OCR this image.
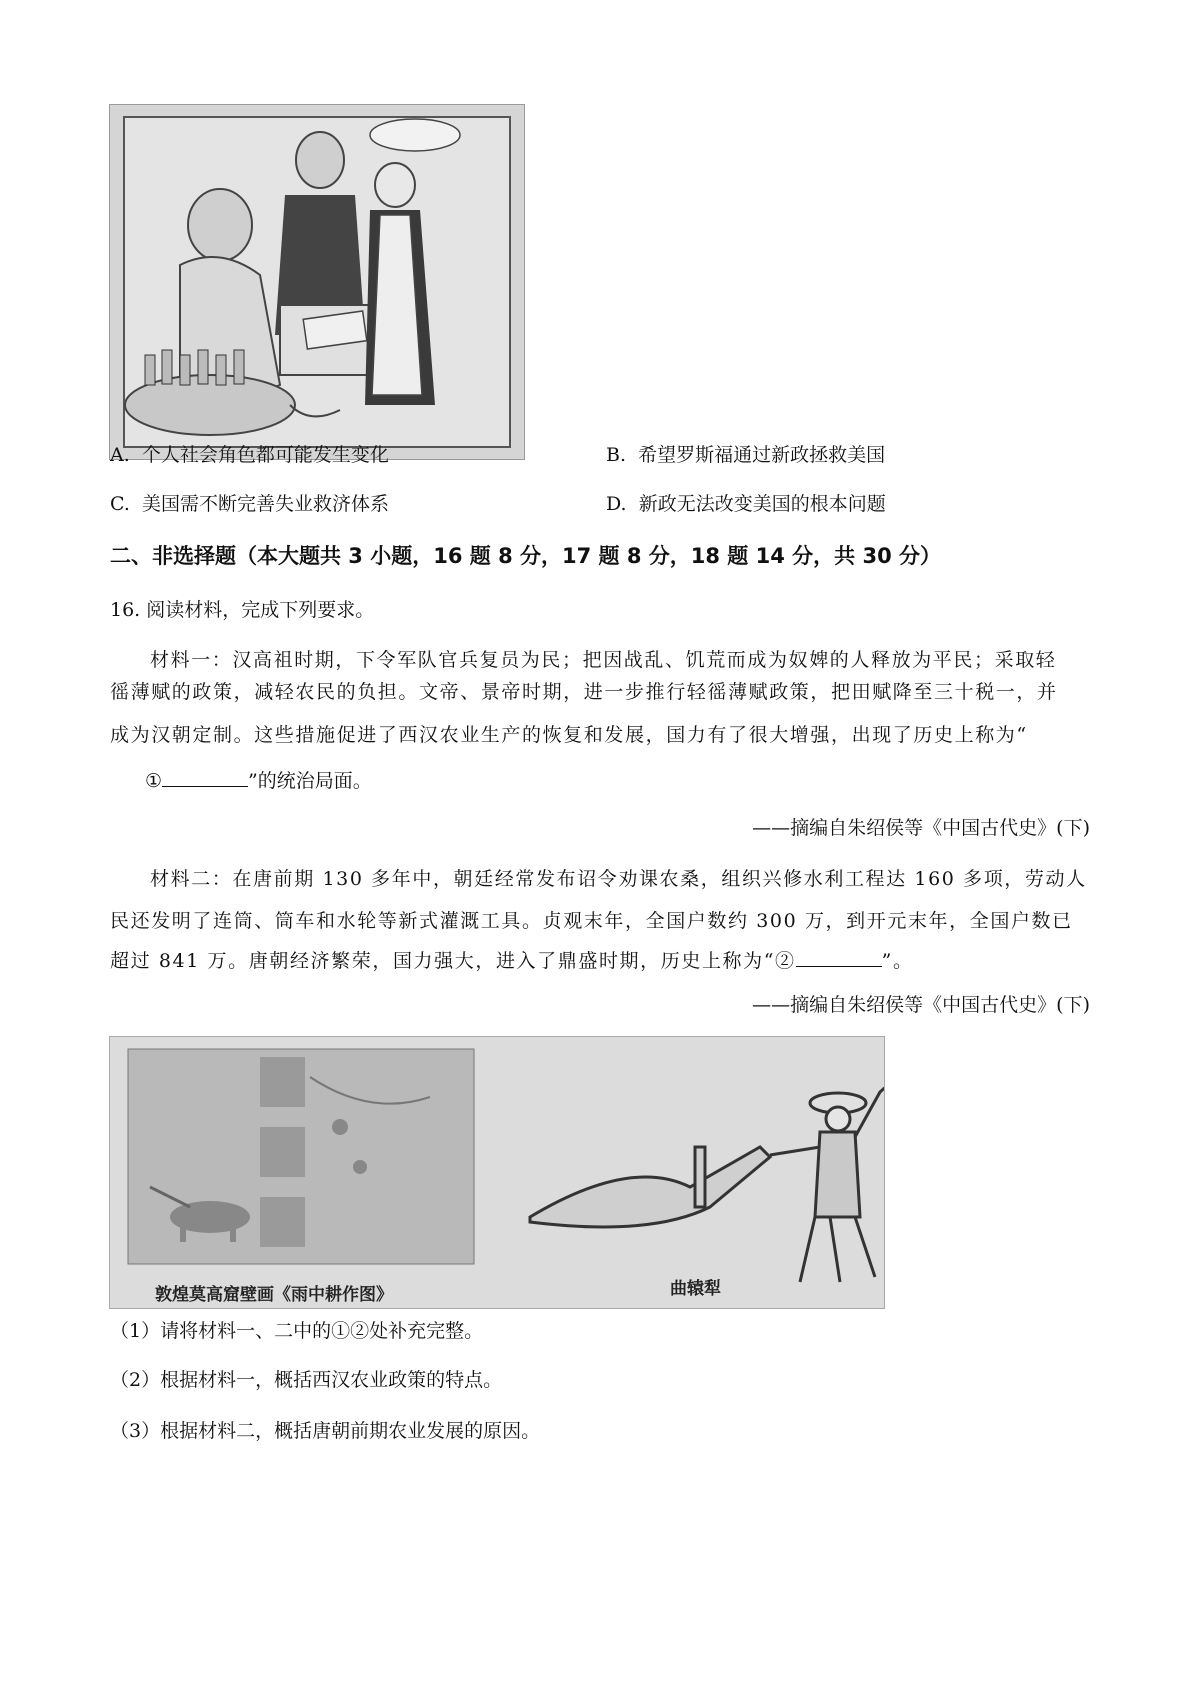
A. 个人社会角色都可能发生变化	B. 希望罗斯福通过新政拯救美国
C. 美国需不断完善失业救济体系	D. 新政无法改变美国的根本问题
二、非选择题（本大题共 3 小题，16 题 8 分，17 题 8 分，18 题 14 分，共 30 分）
16. 阅读材料，完成下列要求。
材料一：汉高祖时期，下令军队官兵复员为民；把因战乱、饥荒而成为奴婢的人释放为平民；采取轻
徭薄赋的政策，减轻农民的负担。文帝、景帝时期，进一步推行轻徭薄赋政策，把田赋降至三十税一，并
成为汉朝定制。这些措施促进了西汉农业生产的恢复和发展，国力有了很大增强，出现了历史上称为“
①	”的统治局面。
——摘编自朱绍侯等《中国古代史》(下)
材料二：在唐前期 130 多年中，朝廷经常发布诏令劝课农桑，组织兴修水利工程达 160 多项，劳动人
民还发明了连筒、筒车和水轮等新式灌溉工具。贞观末年，全国户数约 300 万，到开元末年，全国户数已
超过 841 万。唐朝经济繁荣，国力强大，进入了鼎盛时期，历史上称为“②	”。
——摘编自朱绍侯等《中国古代史》(下)
敦煌莫高窟壁画《雨中耕作图》	曲辕犁
（1）请将材料一、二中的①②处补充完整。
（2）根据材料一，概括西汉农业政策的特点。
（3）根据材料二，概括唐朝前期农业发展的原因。
